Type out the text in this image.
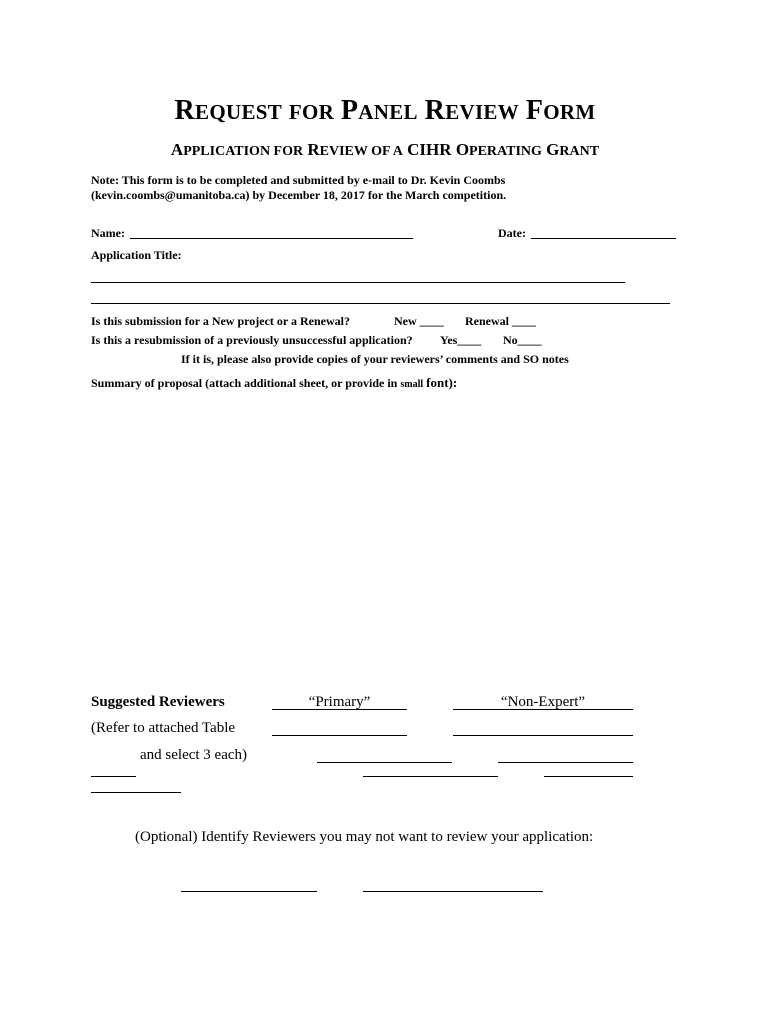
REQUEST FOR PANEL REVIEW FORM
APPLICATION FOR REVIEW OF A CIHR OPERATING GRANT
Note: This form is to be completed and submitted by e-mail to Dr. Kevin Coombs
(kevin.coombs@umanitoba.ca) by December 18, 2017 for the March competition.
Name:	Date:
Application Title:
Is this submission for a New project or a Renewal?	New ____ Renewal ____
Is this a resubmission of a previously unsuccessful application? Yes____ No____
If it is, please also provide copies of your reviewers’ comments and SO notes
Summary of proposal (attach additional sheet, or provide in small font):
Suggested Reviewers	“Primary”	“Non-Expert”
(Refer to attached Table
and select 3 each)
(Optional) Identify Reviewers you may not want to review your application:
